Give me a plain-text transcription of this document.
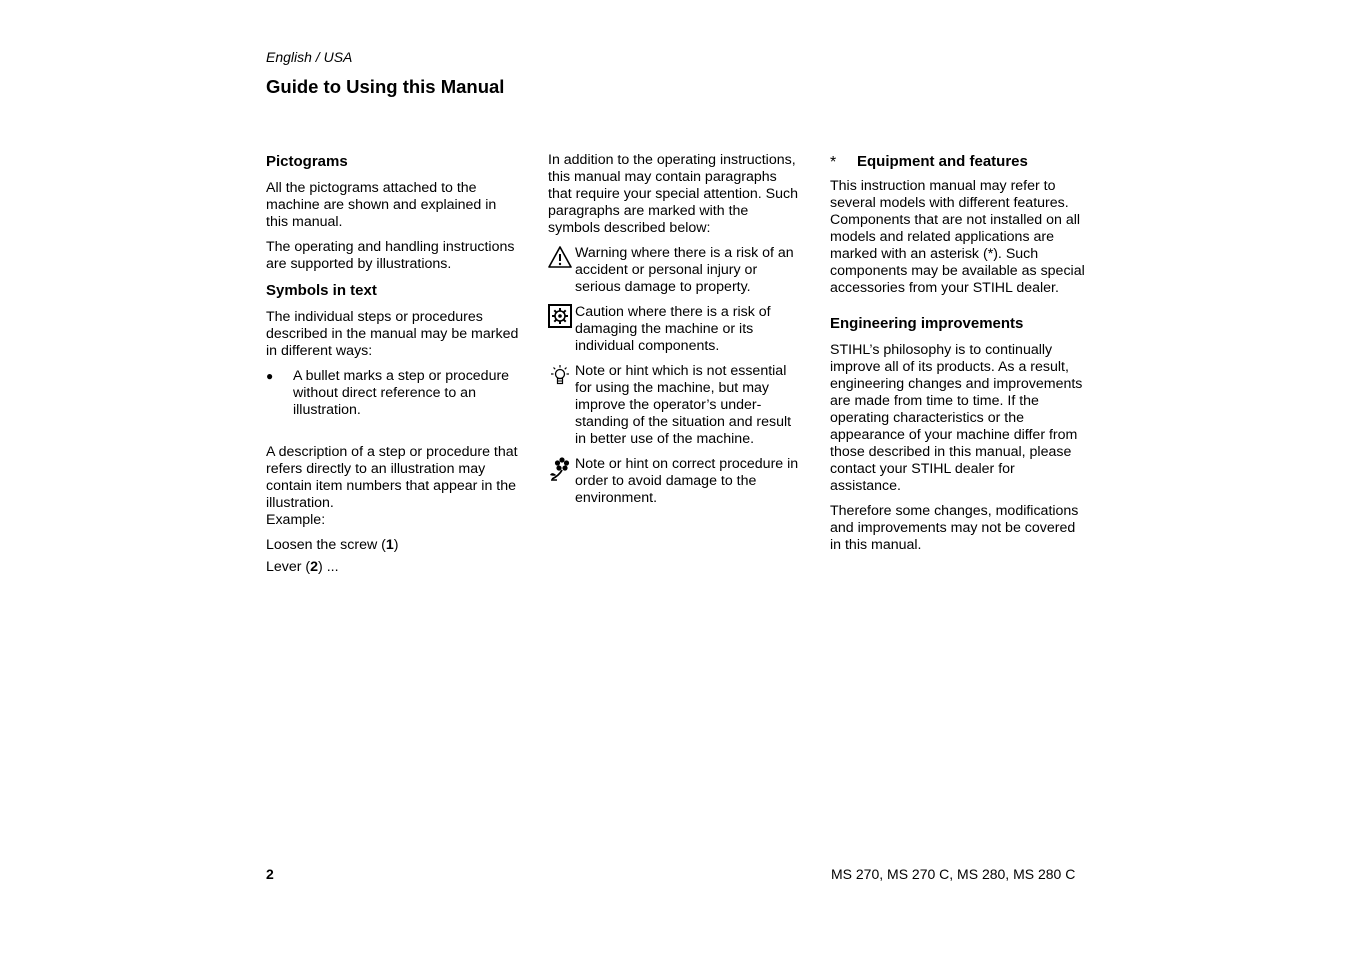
English / USA
Guide to Using this Manual
Pictograms

All the pictograms attached to the machine are shown and explained in this manual.

The operating and handling instructions are supported by illustrations.

Symbols in text

The individual steps or procedures described in the manual may be marked in different ways:

●	A bullet marks a step or procedure without direct reference to an illustration.

A description of a step or procedure that refers directly to an illustration may contain item numbers that appear in the illustration.

Example:

Loosen the screw (1)

Lever (2) ...

In addition to the operating instructions, this manual may contain paragraphs that require your special attention. Such paragraphs are marked with the symbols described below:

Warning where there is a risk of an accident or personal injury or serious damage to property.
Caution where there is a risk of damaging the machine or its individual components.
Note or hint which is not essential for using the machine, but may improve the operator’s under-standing of the situation and result in better use of the machine.
Note or hint on correct procedure in order to avoid damage to the environment.
*	Equipment and features

This instruction manual may refer to several models with different features. Components that are not installed on all models and related applications are marked with an asterisk (*). Such components may be available as special accessories from your STIHL dealer.

Engineering improvements

STIHL’s philosophy is to continually improve all of its products. As a result, engineering changes and improvements are made from time to time. If the operating characteristics or the appearance of your machine differ from those described in this manual, please contact your STIHL dealer for assistance.

Therefore some changes, modifications and improvements may not be covered in this manual.

2	MS 270, MS 270 C, MS 280, MS 280 C
